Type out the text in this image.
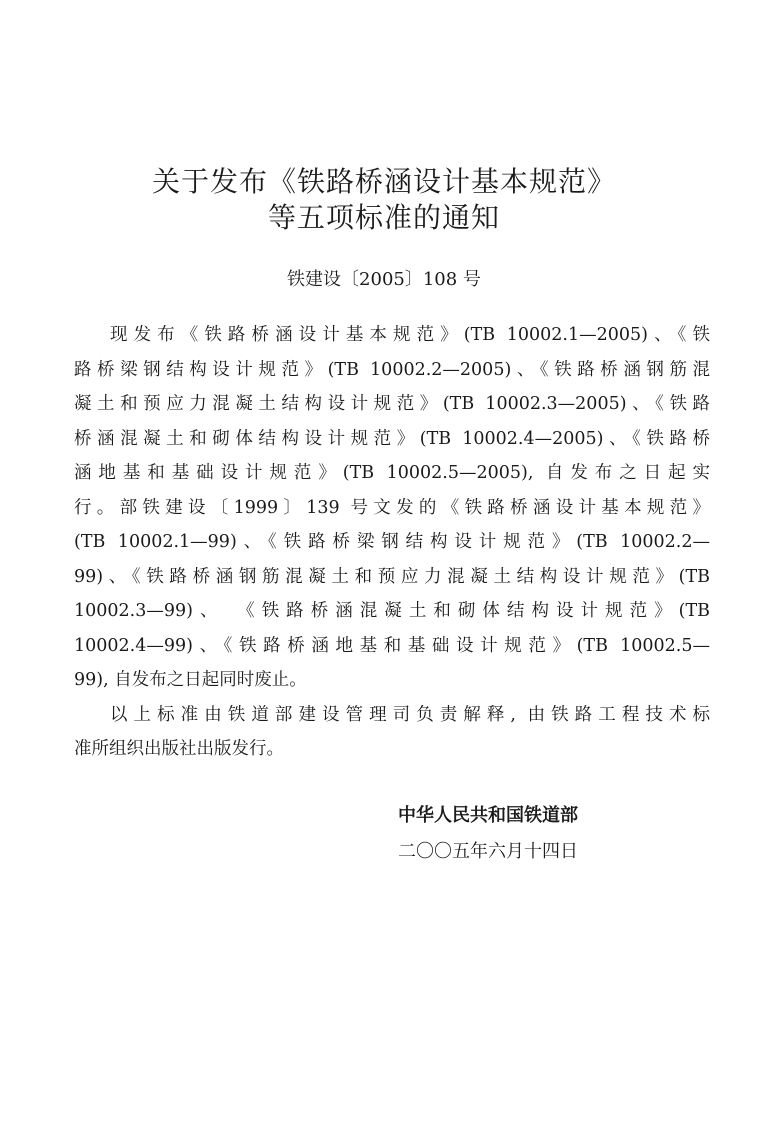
关于发布《铁路桥涵设计基本规范》
等五项标准的通知
铁建设〔2005〕108 号
现发布《铁路桥涵设计基本规范》(TB 10002.1—2005)、《铁
路桥梁钢结构设计规范》(TB 10002.2—2005)、《铁路桥涵钢筋混
凝土和预应力混凝土结构设计规范》(TB 10002.3—2005)、《铁路
桥涵混凝土和砌体结构设计规范》(TB 10002.4—2005)、《铁路桥
涵地基和基础设计规范》(TB 10002.5—2005), 自发布之日起实
行。部铁建设〔1999〕139 号文发的《铁路桥涵设计基本规范》
(TB 10002.1—99)、《铁路桥梁钢结构设计规范》(TB 10002.2—
99)、《铁路桥涵钢筋混凝土和预应力混凝土结构设计规范》(TB
10002.3—99)、 《铁路桥涵混凝土和砌体结构设计规范》(TB
10002.4—99)、《铁路桥涵地基和基础设计规范》(TB 10002.5—
99), 自发布之日起同时废止。
以上标准由铁道部建设管理司负责解释, 由铁路工程技术标
准所组织出版社出版发行。
中华人民共和国铁道部
二〇〇五年六月十四日
